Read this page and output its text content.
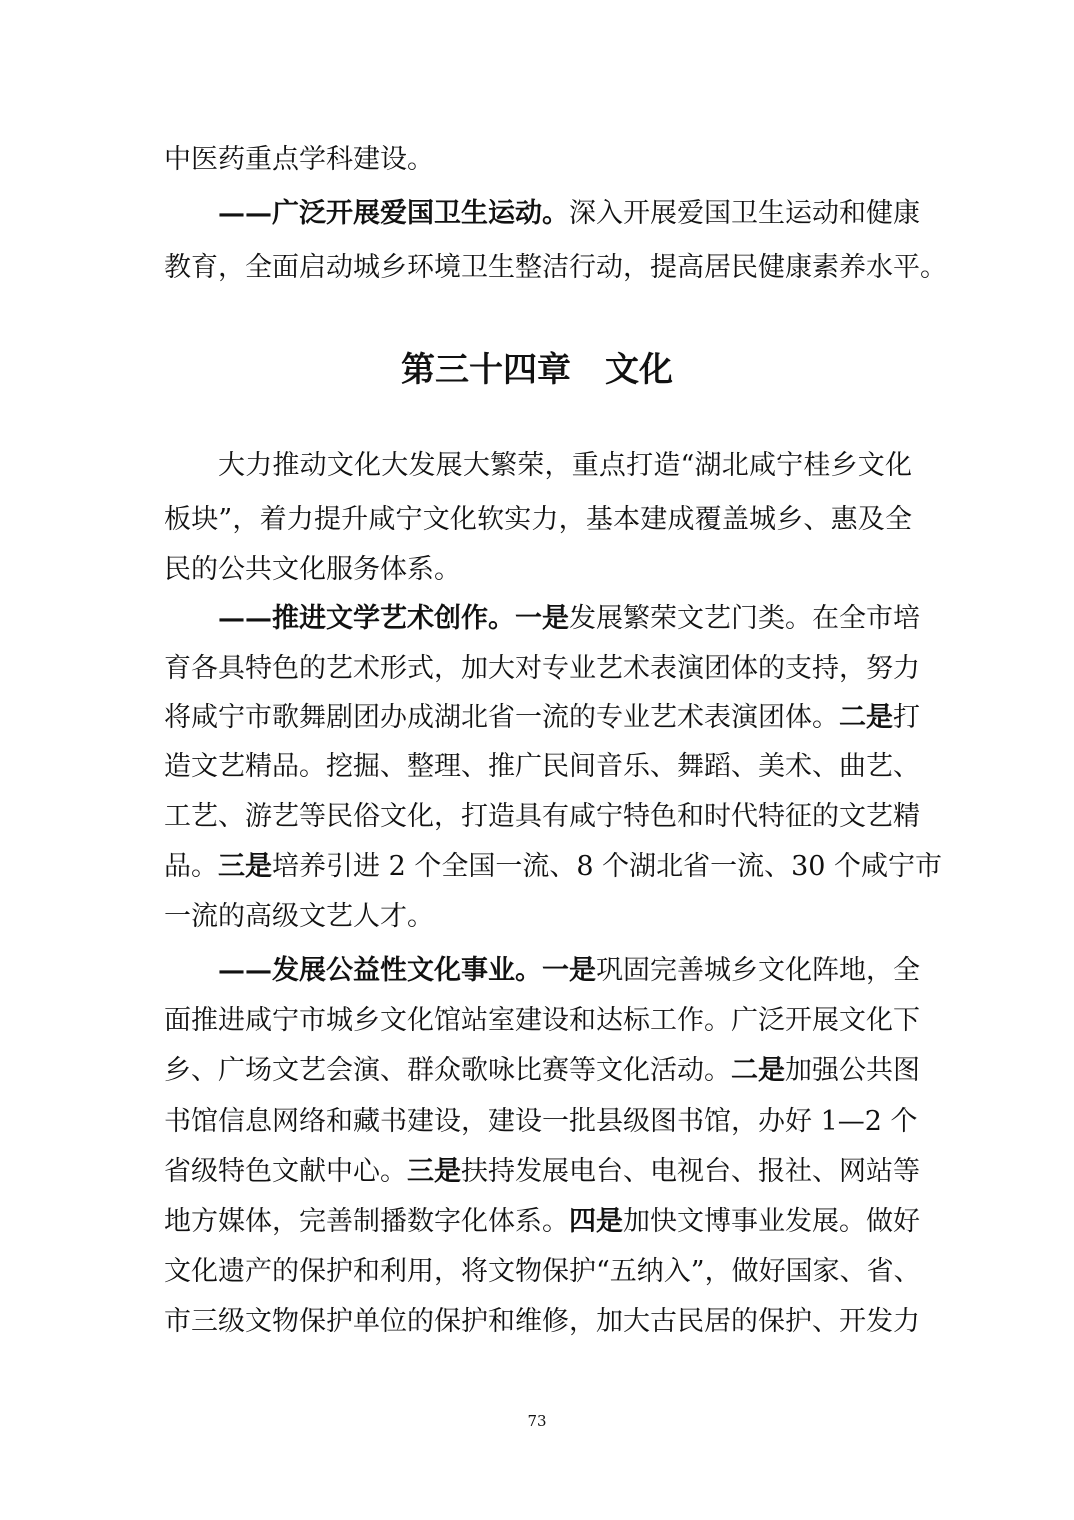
中医药重点学科建设。
——广泛开展爱国卫生运动。深入开展爱国卫生运动和健康
教育，全面启动城乡环境卫生整洁行动，提高居民健康素养水平。
大力推动文化大发展大繁荣，重点打造“湖北咸宁桂乡文化
板块”，着力提升咸宁文化软实力，基本建成覆盖城乡、惠及全
民的公共文化服务体系。
——推进文学艺术创作。一是发展繁荣文艺门类。在全市培
育各具特色的艺术形式，加大对专业艺术表演团体的支持，努力
将咸宁市歌舞剧团办成湖北省一流的专业艺术表演团体。二是打
造文艺精品。挖掘、整理、推广民间音乐、舞蹈、美术、曲艺、
工艺、游艺等民俗文化，打造具有咸宁特色和时代特征的文艺精
品。三是培养引进 2 个全国一流、8 个湖北省一流、30 个咸宁市
一流的高级文艺人才。
——发展公益性文化事业。一是巩固完善城乡文化阵地，全
面推进咸宁市城乡文化馆站室建设和达标工作。广泛开展文化下
乡、广场文艺会演、群众歌咏比赛等文化活动。二是加强公共图
书馆信息网络和藏书建设，建设一批县级图书馆，办好 1—2 个
省级特色文献中心。三是扶持发展电台、电视台、报社、网站等
地方媒体，完善制播数字化体系。四是加快文博事业发展。做好
文化遗产的保护和利用，将文物保护“五纳入”，做好国家、省、
市三级文物保护单位的保护和维修，加大古民居的保护、开发力
第三十四章　文化
73
